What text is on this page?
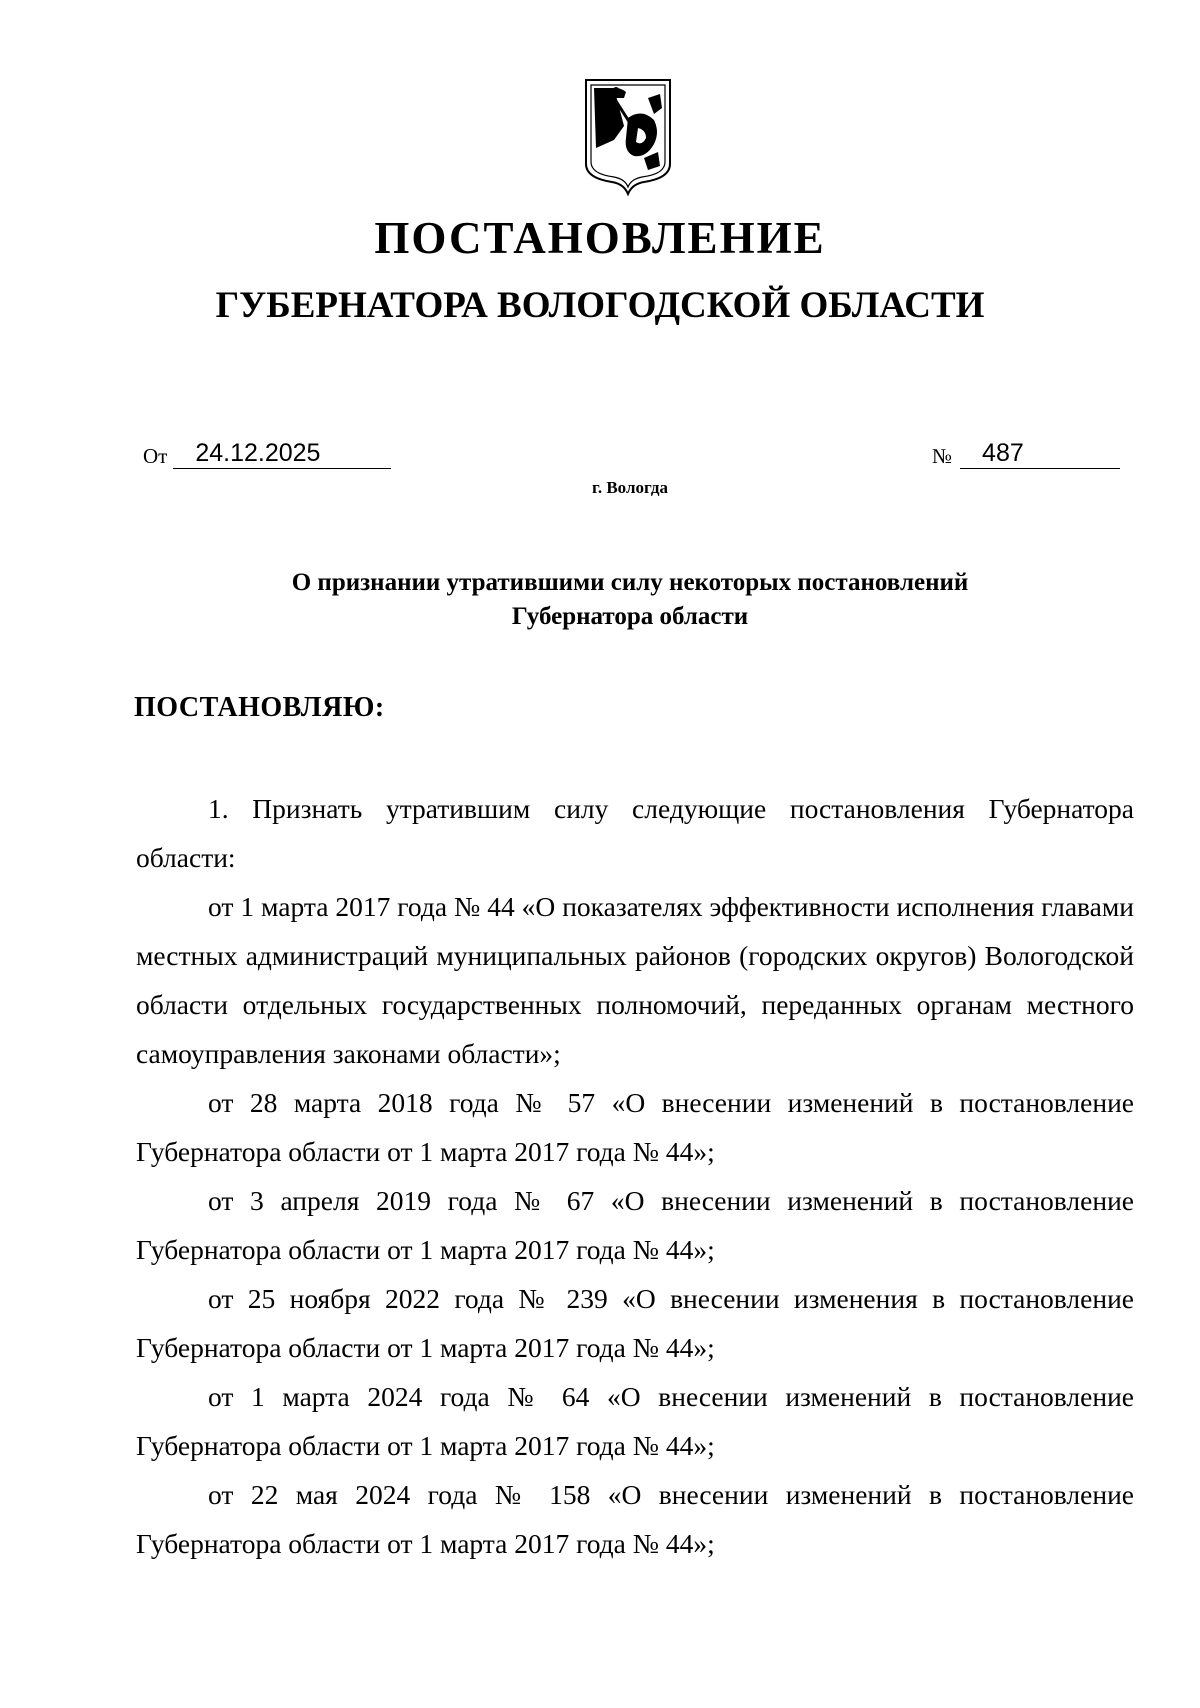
ПОСТАНОВЛЕНИЕ
ГУБЕРНАТОРА ВОЛОГОДСКОЙ ОБЛАСТИ
От 24.12.2025	№ 487
г. Вологда
О признании утратившими силу некоторых постановлений
Губернатора области
ПОСТАНОВЛЯЮ:

1. Признать утратившим силу следующие постановления Губернатора области:

от 1 марта 2017 года № 44 «О показателях эффективности исполнения главами местных администраций муниципальных районов (городских округов) Вологодской области отдельных государственных полномочий, переданных органам местного самоуправления законами области»;

от 28 марта 2018 года № 57 «О внесении изменений в постановление Губернатора области от 1 марта 2017 года № 44»;

от 3 апреля 2019 года № 67 «О внесении изменений в постановление Губернатора области от 1 марта 2017 года № 44»;

от 25 ноября 2022 года № 239 «О внесении изменения в постановление Губернатора области от 1 марта 2017 года № 44»;

от 1 марта 2024 года № 64 «О внесении изменений в постановление Губернатора области от 1 марта 2017 года № 44»;

от 22 мая 2024 года № 158 «О внесении изменений в постановление Губернатора области от 1 марта 2017 года № 44»;
